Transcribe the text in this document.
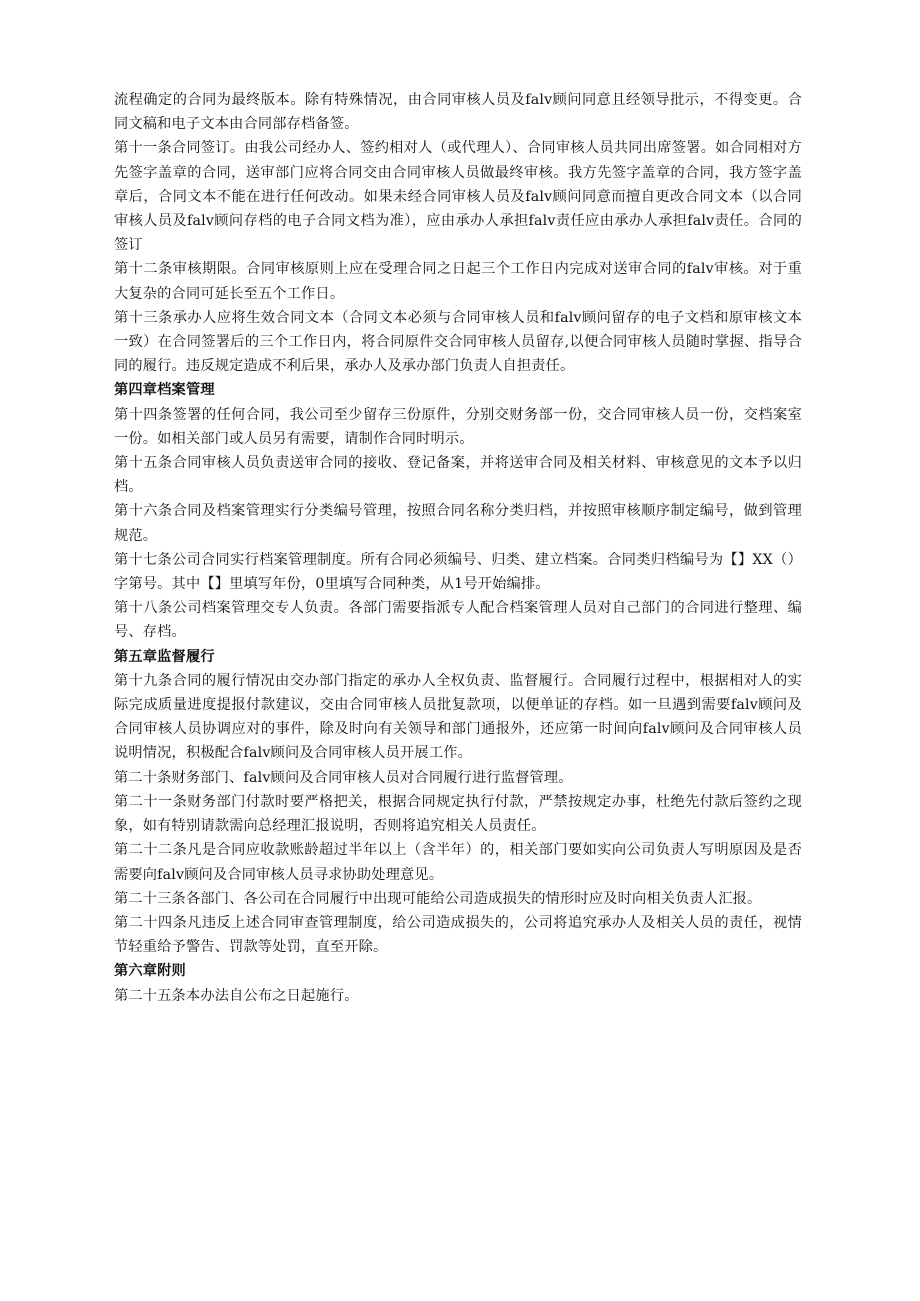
流程确定的合同为最终版本。除有特殊情况，由合同审核人员及falv顾问同意且经领导批示，不得变更。合同文稿和电子文本由合同部存档备签。

第十一条合同签订。由我公司经办人、签约相对人（或代理人）、合同审核人员共同出席签署。如合同相对方先签字盖章的合同，送审部门应将合同交由合同审核人员做最终审核。我方先签字盖章的合同，我方签字盖章后，合同文本不能在进行任何改动。如果未经合同审核人员及falv顾问同意而擅自更改合同文本（以合同审核人员及falv顾问存档的电子合同文档为准），应由承办人承担falv责任应由承办人承担falv责任。合同的签订

第十二条审核期限。合同审核原则上应在受理合同之日起三个工作日内完成对送审合同的falv审核。对于重大复杂的合同可延长至五个工作日。

第十三条承办人应将生效合同文本（合同文本必须与合同审核人员和falv顾问留存的电子文档和原审核文本一致）在合同签署后的三个工作日内，将合同原件交合同审核人员留存,以便合同审核人员随时掌握、指导合同的履行。违反规定造成不利后果，承办人及承办部门负责人自担责任。

第四章档案管理

第十四条签署的任何合同，我公司至少留存三份原件，分别交财务部一份，交合同审核人员一份，交档案室一份。如相关部门或人员另有需要，请制作合同时明示。

第十五条合同审核人员负责送审合同的接收、登记备案，并将送审合同及相关材料、审核意见的文本予以归档。

第十六条合同及档案管理实行分类编号管理，按照合同名称分类归档，并按照审核顺序制定编号，做到管理规范。

第十七条公司合同实行档案管理制度。所有合同必须编号、归类、建立档案。合同类归档编号为【】XX（）字第号。其中【】里填写年份，0里填写合同种类，从1号开始编排。

第十八条公司档案管理交专人负责。各部门需要指派专人配合档案管理人员对自己部门的合同进行整理、编号、存档。

第五章监督履行

第十九条合同的履行情况由交办部门指定的承办人全权负责、监督履行。合同履行过程中，根据相对人的实际完成质量进度提报付款建议，交由合同审核人员批复款项，以便单证的存档。如一旦遇到需要falv顾问及合同审核人员协调应对的事件，除及时向有关领导和部门通报外，还应第一时间向falv顾问及合同审核人员说明情况，积极配合falv顾问及合同审核人员开展工作。

第二十条财务部门、falv顾问及合同审核人员对合同履行进行监督管理。

第二十一条财务部门付款时要严格把关，根据合同规定执行付款，严禁按规定办事，杜绝先付款后签约之现象，如有特别请款需向总经理汇报说明，否则将追究相关人员责任。

第二十二条凡是合同应收款账龄超过半年以上（含半年）的，相关部门要如实向公司负责人写明原因及是否需要向falv顾问及合同审核人员寻求协助处理意见。

第二十三条各部门、各公司在合同履行中出现可能给公司造成损失的情形时应及时向相关负责人汇报。

第二十四条凡违反上述合同审查管理制度，给公司造成损失的，公司将追究承办人及相关人员的责任，视情节轻重给予警告、罚款等处罚，直至开除。

第六章附则

第二十五条本办法自公布之日起施行。
